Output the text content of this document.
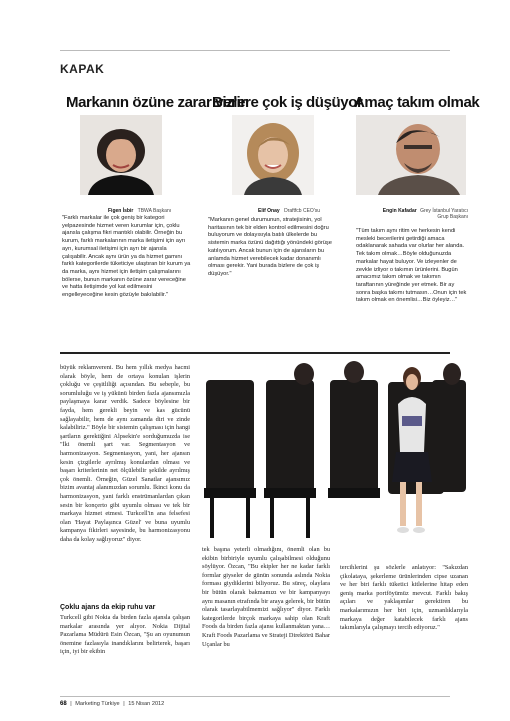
KAPAK
Markanın özüne zarar verir
Figen İsbir TBWA Başkanı
"Farklı markalar ile çok geniş bir kategori yelpazesinde hizmet veren kurumlar için, çoklu ajansla çalışma fikri mantıklı olabilir. Örneğin bu kurum, farklı markalarının marka iletişimi için ayrı ayrı, kurumsal iletişimi için ayrı bir ajansla çalışabilir. Ancak aynı ürün ya da hizmet gamını farklı kategorilerde tüketiciye ulaştıran bir kurum ya da marka, aynı hizmet için iletişim çalışmalarını bölerse, bunun markanın özüne zarar vereceğine ve hatta iletişimde yol kat edilmesini engelleyeceğine kesin gözüyle bakılabilir."
Bizlere çok iş düşüyor
Elif Onay Draftfcb CEO'su
"Markanın genel durumunun, stratejisinin, yol haritasının tek bir elden kontrol edilmesini doğru buluyorum ve dolayısıyla batılı ülkelerde bu sistemin marka özünü dağıttığı yönündeki görüşe katılıyorum. Ancak bunun için de ajansların bu anlamda hizmet verebilecek kadar donanımlı olması gerekir. Yani burada bizlere de çok iş düşüyor."
Amaç takım olmak
Engin Kafadar Grey İstanbul Yaratıcı Grup Başkanı
"Tüm takım aynı ritim ve herkesin kendi mesleki becerilerini getirdiği amaca odaklanarak sahada var olurlar her alanda. Tek takım olmak…Böyle olduğunuzda markalar hayat buluyor. Ve izleyenler de zevkle izliyor o takımın ürünlerini. Bugün amacımız takım olmak ve takımın taraftarının yüreğinde yer etmek. Bir ay sonra başka takımı tutmasın…Onun için tek takım olmak en önemlisi…Biz öyleyiz…"

büyük reklamvereni. Bu hem yıllık medya hacmi olarak böyle, hem de ortaya konulan işlerin çokluğu ve çeşitliliği açısından. Bu sebeple, bu sorumluluğu ve iş yükünü birden fazla ajansımızla paylaşmaya karar verdik. Sadece böylesine bir fayda, hem gerekli beyin ve kas gücünü sağlayabilir, hem de aynı zamanda diri ve zinde kalabiliriz." Böyle bir sistemin çalışması için hangi şartların gerektiğini Alpsekin'e sorduğumuzda ise "İki önemli şart var. Segmentasyon ve harmonizasyon. Segmentasyon, yani, her ajansın kesin çizgilerle ayrılmış konulardan olması ve başarı kriterlerinin net ölçülebilir şekilde ayrılmış çok önemli. Örneğin, Güzel Sanatlar ajansımız bizim avantaj alanımızdan sorumlu. İkinci konu da harmonizasyon, yani farklı enstrümanlardan çıkan sesin bir konçerto gibi uyumlu olması ve tek bir markaya hizmet etmesi. Turkcell'in ana felsefesi olan 'Hayat Paylaşınca Güzel' ve buna uyumlu kampanya fikirleri sayesinde, bu harmonizasyonu daha da kolay sağlıyoruz" diyor.

Çoklu ajans da ekip ruhu var

Turkcell gibi Nokia da birden fazla ajansla çalışan markalar arasında yer alıyor. Nokia Dijital Pazarlama Müdürü Esin Özcan, "Şu an oyunumun önemine fazlasıyla inandıklarını belirterek, başarı için, iyi bir ekibin

tek başına yeterli olmadığını, önemli olan bu ekibin birbiriyle uyumlu çalışabilmesi olduğunu söylüyor. Özcan, "Bu ekipler her ne kadar farklı formlar giyseler de günün sonunda aslında Nokia forması giydiklerini biliyoruz. Bu süreç, olaylara bir bütün olarak bakmamızı ve bir kampanyayı aynı masanın etrafında bir araya gelerek, bir bütün olarak tasarlayabilmemizi sağlıyor" diyor. Farklı kategorilerde birçok markaya sahip olan Kraft Foods da birden fazla ajansı kullanmaktan yana… Kraft Foods Pazarlama ve Strateji Direktörü Bahar Uçanlar bu

tercihlerini şu sözlerle anlatıyor: "Sakızdan çikolataya, şekerleme ürünlerinden cipse uzanan ve her biri farklı tüketici kitlelerine hitap eden geniş marka portföyümüz mevcut. Farklı bakış açıları ve yaklaşımlar gerektiren bu markalarımızın her biri için, uzmanlıklarıyla markaya değer katabilecek farklı ajans takımlarıyla çalışmayı tercih ediyoruz."

68 | Marketing Türkiye | 15 Nisan 2012
